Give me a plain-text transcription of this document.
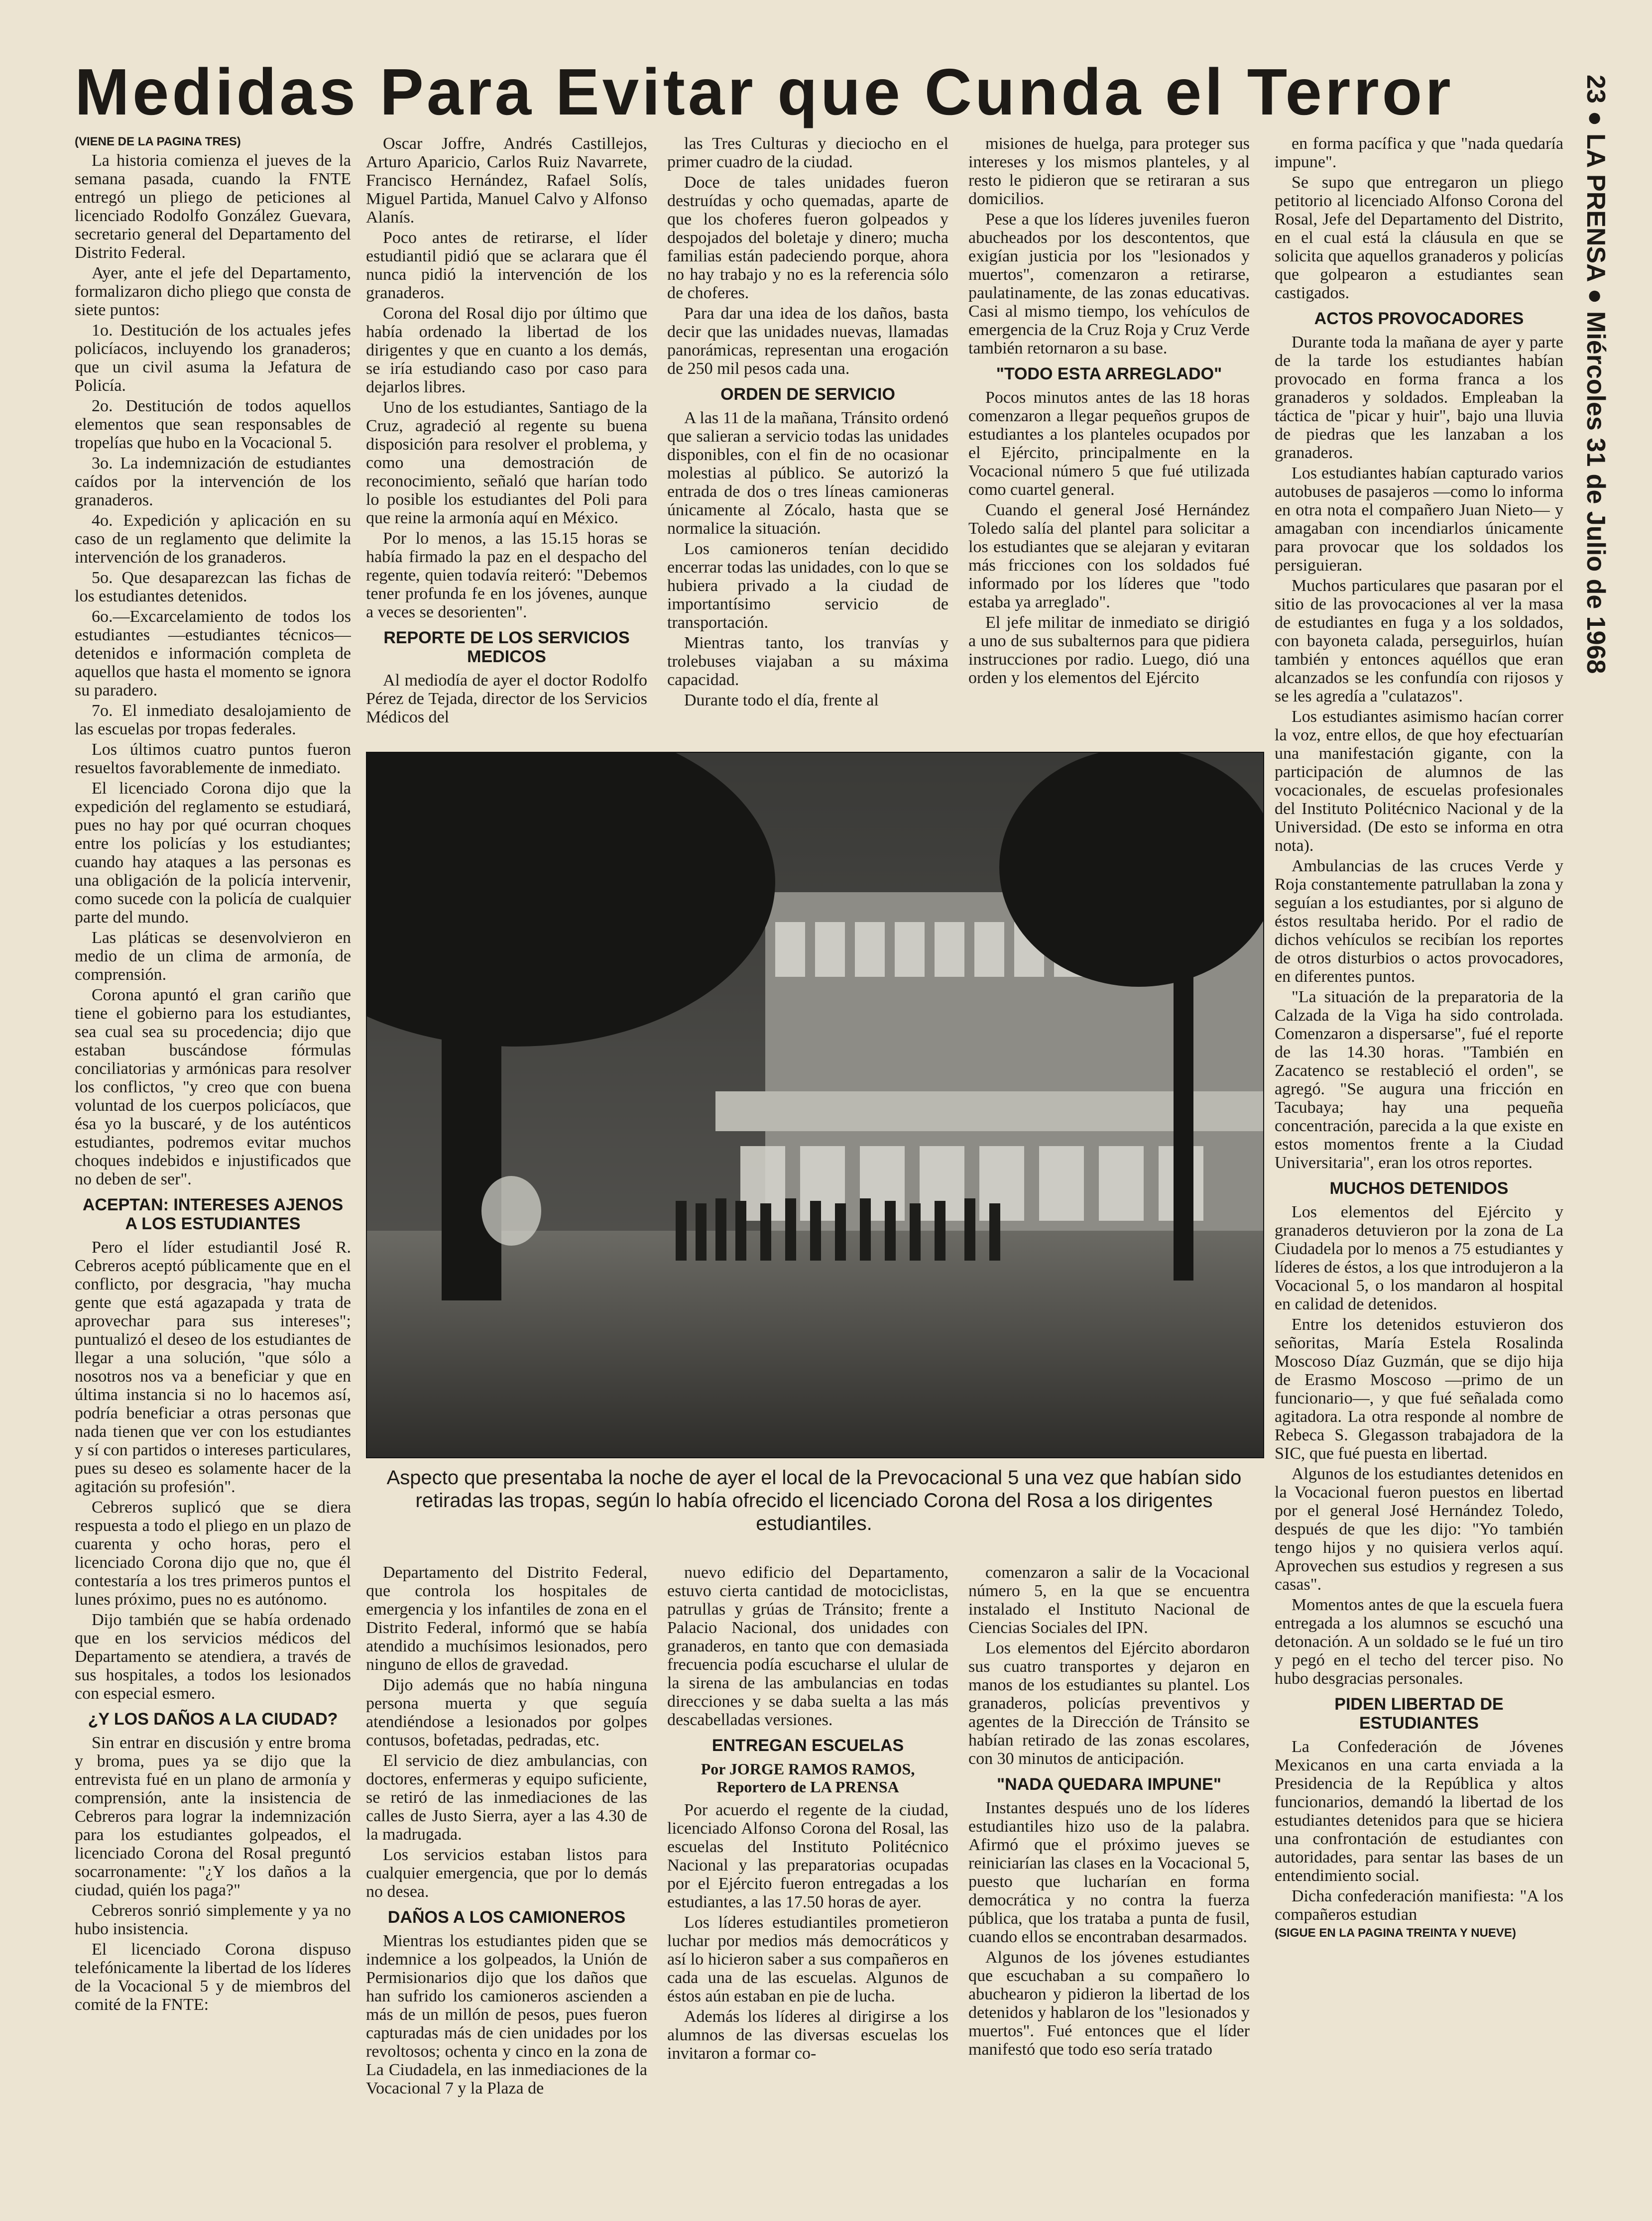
Medidas Para Evitar que Cunda el Terror	23 ● LA PRENSA ● Miércoles 31 de Julio de 1968

(VIENE DE LA PAGINA TRES)

La historia comienza el jueves de la semana pasada, cuando la FNTE entregó un pliego de peticiones al licenciado Rodolfo González Guevara, secretario general del Departamento del Distrito Federal.

Ayer, ante el jefe del Departamento, formalizaron dicho pliego que consta de siete puntos:

1o. Destitución de los actuales jefes policíacos, incluyendo los granaderos; que un civil asuma la Jefatura de Policía.

2o. Destitución de todos aquellos elementos que sean responsables de tropelías que hubo en la Vocacional 5.

3o. La indemnización de estudiantes caídos por la intervención de los granaderos.

4o. Expedición y aplicación en su caso de un reglamento que delimite la intervención de los granaderos.

5o. Que desaparezcan las fichas de los estudiantes detenidos.

6o.—Excarcelamiento de todos los estudiantes —estudiantes técnicos— detenidos e información completa de aquellos que hasta el momento se ignora su paradero.

7o. El inmediato desalojamiento de las escuelas por tropas federales.

Los últimos cuatro puntos fueron resueltos favorablemente de inmediato.

El licenciado Corona dijo que la expedición del reglamento se estudiará, pues no hay por qué ocurran choques entre los policías y los estudiantes; cuando hay ataques a las personas es una obligación de la policía intervenir, como sucede con la policía de cualquier parte del mundo.

Las pláticas se desenvolvieron en medio de un clima de armonía, de comprensión.

Corona apuntó el gran cariño que tiene el gobierno para los estudiantes, sea cual sea su procedencia; dijo que estaban buscándose fórmulas conciliatorias y armónicas para resolver los conflictos, "y creo que con buena voluntad de los cuerpos policíacos, que ésa yo la buscaré, y de los auténticos estudiantes, podremos evitar muchos choques indebidos e injustificados que no deben de ser".

ACEPTAN: INTERESES AJENOS A LOS ESTUDIANTES

Pero el líder estudiantil José R. Cebreros aceptó públicamente que en el conflicto, por desgracia, "hay mucha gente que está agazapada y trata de aprovechar para sus intereses"; puntualizó el deseo de los estudiantes de llegar a una solución, "que sólo a nosotros nos va a beneficiar y que en última instancia si no lo hacemos así, podría beneficiar a otras personas que nada tienen que ver con los estudiantes y sí con partidos o intereses particulares, pues su deseo es solamente hacer de la agitación su profesión".

Cebreros suplicó que se diera respuesta a todo el pliego en un plazo de cuarenta y ocho horas, pero el licenciado Corona dijo que no, que él contestaría a los tres primeros puntos el lunes próximo, pues no es autónomo.

Dijo también que se había ordenado que en los servicios médicos del Departamento se atendiera, a través de sus hospitales, a todos los lesionados con especial esmero.

¿Y LOS DAÑOS A LA CIUDAD?

Sin entrar en discusión y entre broma y broma, pues ya se dijo que la entrevista fué en un plano de armonía y comprensión, ante la insistencia de Cebreros para lograr la indemnización para los estudiantes golpeados, el licenciado Corona del Rosal preguntó socarronamente: "¿Y los daños a la ciudad, quién los paga?"

Cebreros sonrió simplemente y ya no hubo insistencia.

El licenciado Corona dispuso telefónicamente la libertad de los líderes de la Vocacional 5 y de miembros del comité de la FNTE:

Oscar Joffre, Andrés Castillejos, Arturo Aparicio, Carlos Ruiz Navarrete, Francisco Hernández, Rafael Solís, Miguel Partida, Manuel Calvo y Alfonso Alanís.

Poco antes de retirarse, el líder estudiantil pidió que se aclarara que él nunca pidió la intervención de los granaderos.

Corona del Rosal dijo por último que había ordenado la libertad de los dirigentes y que en cuanto a los demás, se iría estudiando caso por caso para dejarlos libres.

Uno de los estudiantes, Santiago de la Cruz, agradeció al regente su buena disposición para resolver el problema, y como una demostración de reconocimiento, señaló que harían todo lo posible los estudiantes del Poli para que reine la armonía aquí en México.

Por lo menos, a las 15.15 horas se había firmado la paz en el despacho del regente, quien todavía reiteró: "Debemos tener profunda fe en los jóvenes, aunque a veces se desorienten".

REPORTE DE LOS SERVICIOS MEDICOS

Al mediodía de ayer el doctor Rodolfo Pérez de Tejada, director de los Servicios Médicos del

las Tres Culturas y dieciocho en el primer cuadro de la ciudad.

Doce de tales unidades fueron destruídas y ocho quemadas, aparte de que los choferes fueron golpeados y despojados del boletaje y dinero; mucha familias están padeciendo porque, ahora no hay trabajo y no es la referencia sólo de choferes.

Para dar una idea de los daños, basta decir que las unidades nuevas, llamadas panorámicas, representan una erogación de 250 mil pesos cada una.

ORDEN DE SERVICIO

A las 11 de la mañana, Tránsito ordenó que salieran a servicio todas las unidades disponibles, con el fin de no ocasionar molestias al público. Se autorizó la entrada de dos o tres líneas camioneras únicamente al Zócalo, hasta que se normalice la situación.

Los camioneros tenían decidido encerrar todas las unidades, con lo que se hubiera privado a la ciudad de importantísimo servicio de transportación.

Mientras tanto, los tranvías y trolebuses viajaban a su máxima capacidad.

Durante todo el día, frente al

misiones de huelga, para proteger sus intereses y los mismos planteles, y al resto le pidieron que se retiraran a sus domicilios.

Pese a que los líderes juveniles fueron abucheados por los descontentos, que exigían justicia por los "lesionados y muertos", comenzaron a retirarse, paulatinamente, de las zonas educativas. Casi al mismo tiempo, los vehículos de emergencia de la Cruz Roja y Cruz Verde también retornaron a su base.

"TODO ESTA ARREGLADO"

Pocos minutos antes de las 18 horas comenzaron a llegar pequeños grupos de estudiantes a los planteles ocupados por el Ejército, principalmente en la Vocacional número 5 que fué utilizada como cuartel general.

Cuando el general José Hernández Toledo salía del plantel para solicitar a los estudiantes que se alejaran y evitaran más fricciones con los soldados fué informado por los líderes que "todo estaba ya arreglado".

El jefe militar de inmediato se dirigió a uno de sus subalternos para que pidiera instrucciones por radio. Luego, dió una orden y los elementos del Ejército

Aspecto que presentaba la noche de ayer el local de la Prevocacional 5 una vez que habían sido retiradas las tropas, según lo había ofrecido el licenciado Corona del Rosa a los dirigentes estudiantiles.

Departamento del Distrito Federal, que controla los hospitales de emergencia y los infantiles de zona en el Distrito Federal, informó que se había atendido a muchísimos lesionados, pero ninguno de ellos de gravedad.

Dijo además que no había ninguna persona muerta y que seguía atendiéndose a lesionados por golpes contusos, bofetadas, pedradas, etc.

El servicio de diez ambulancias, con doctores, enfermeras y equipo suficiente, se retiró de las inmediaciones de las calles de Justo Sierra, ayer a las 4.30 de la madrugada.

Los servicios estaban listos para cualquier emergencia, que por lo demás no desea.

DAÑOS A LOS CAMIONEROS

Mientras los estudiantes piden que se indemnice a los golpeados, la Unión de Permisionarios dijo que los daños que han sufrido los camioneros ascienden a más de un millón de pesos, pues fueron capturadas más de cien unidades por los revoltosos; ochenta y cinco en la zona de La Ciudadela, en las inmediaciones de la Vocacional 7 y la Plaza de

nuevo edificio del Departamento, estuvo cierta cantidad de motociclistas, patrullas y grúas de Tránsito; frente a Palacio Nacional, dos unidades con granaderos, en tanto que con demasiada frecuencia podía escucharse el ulular de la sirena de las ambulancias en todas direcciones y se daba suelta a las más descabelladas versiones.

ENTREGAN ESCUELAS
Por JORGE RAMOS RAMOS, Reportero de LA PRENSA

Por acuerdo el regente de la ciudad, licenciado Alfonso Corona del Rosal, las escuelas del Instituto Politécnico Nacional y las preparatorias ocupadas por el Ejército fueron entregadas a los estudiantes, a las 17.50 horas de ayer.

Los líderes estudiantiles prometieron luchar por medios más democráticos y así lo hicieron saber a sus compañeros en cada una de las escuelas. Algunos de éstos aún estaban en pie de lucha.

Además los líderes al dirigirse a los alumnos de las diversas escuelas los invitaron a formar co-

comenzaron a salir de la Vocacional número 5, en la que se encuentra instalado el Instituto Nacional de Ciencias Sociales del IPN.

Los elementos del Ejército abordaron sus cuatro transportes y dejaron en manos de los estudiantes su plantel. Los granaderos, policías preventivos y agentes de la Dirección de Tránsito se habían retirado de las zonas escolares, con 30 minutos de anticipación.

"NADA QUEDARA IMPUNE"

Instantes después uno de los líderes estudiantiles hizo uso de la palabra. Afirmó que el próximo jueves se reiniciarían las clases en la Vocacional 5, puesto que lucharían en forma democrática y no contra la fuerza pública, que los trataba a punta de fusil, cuando ellos se encontraban desarmados.

Algunos de los jóvenes estudiantes que escuchaban a su compañero lo abuchearon y pidieron la libertad de los detenidos y hablaron de los "lesionados y muertos". Fué entonces que el líder manifestó que todo eso sería tratado

en forma pacífica y que "nada quedaría impune".

Se supo que entregaron un pliego petitorio al licenciado Alfonso Corona del Rosal, Jefe del Departamento del Distrito, en el cual está la cláusula en que se solicita que aquellos granaderos y policías que golpearon a estudiantes sean castigados.

ACTOS PROVOCADORES

Durante toda la mañana de ayer y parte de la tarde los estudiantes habían provocado en forma franca a los granaderos y soldados. Empleaban la táctica de "picar y huir", bajo una lluvia de piedras que les lanzaban a los granaderos.

Los estudiantes habían capturado varios autobuses de pasajeros —como lo informa en otra nota el compañero Juan Nieto— y amagaban con incendiarlos únicamente para provocar que los soldados los persiguieran.

Muchos particulares que pasaran por el sitio de las provocaciones al ver la masa de estudiantes en fuga y a los soldados, con bayoneta calada, perseguirlos, huían también y entonces aquéllos que eran alcanzados se les confundía con rijosos y se les agredía a "culatazos".

Los estudiantes asimismo hacían correr la voz, entre ellos, de que hoy efectuarían una manifestación gigante, con la participación de alumnos de las vocacionales, de escuelas profesionales del Instituto Politécnico Nacional y de la Universidad. (De esto se informa en otra nota).

Ambulancias de las cruces Verde y Roja constantemente patrullaban la zona y seguían a los estudiantes, por si alguno de éstos resultaba herido. Por el radio de dichos vehículos se recibían los reportes de otros disturbios o actos provocadores, en diferentes puntos.

"La situación de la preparatoria de la Calzada de la Viga ha sido controlada. Comenzaron a dispersarse", fué el reporte de las 14.30 horas. "También en Zacatenco se restableció el orden", se agregó. "Se augura una fricción en Tacubaya; hay una pequeña concentración, parecida a la que existe en estos momentos frente a la Ciudad Universitaria", eran los otros reportes.

MUCHOS DETENIDOS

Los elementos del Ejército y granaderos detuvieron por la zona de La Ciudadela por lo menos a 75 estudiantes y líderes de éstos, a los que introdujeron a la Vocacional 5, o los mandaron al hospital en calidad de detenidos.

Entre los detenidos estuvieron dos señoritas, María Estela Rosalinda Moscoso Díaz Guzmán, que se dijo hija de Erasmo Moscoso —primo de un funcionario—, y que fué señalada como agitadora. La otra responde al nombre de Rebeca S. Glegasson trabajadora de la SIC, que fué puesta en libertad.

Algunos de los estudiantes detenidos en la Vocacional fueron puestos en libertad por el general José Hernández Toledo, después de que les dijo: "Yo también tengo hijos y no quisiera verlos aquí. Aprovechen sus estudios y regresen a sus casas".

Momentos antes de que la escuela fuera entregada a los alumnos se escuchó una detonación. A un soldado se le fué un tiro y pegó en el techo del tercer piso. No hubo desgracias personales.

PIDEN LIBERTAD DE ESTUDIANTES

La Confederación de Jóvenes Mexicanos en una carta enviada a la Presidencia de la República y altos funcionarios, demandó la libertad de los estudiantes detenidos para que se hiciera una confrontación de estudiantes con autoridades, para sentar las bases de un entendimiento social.

Dicha confederación manifiesta: "A los compañeros estudian

(SIGUE EN LA PAGINA TREINTA Y NUEVE)
